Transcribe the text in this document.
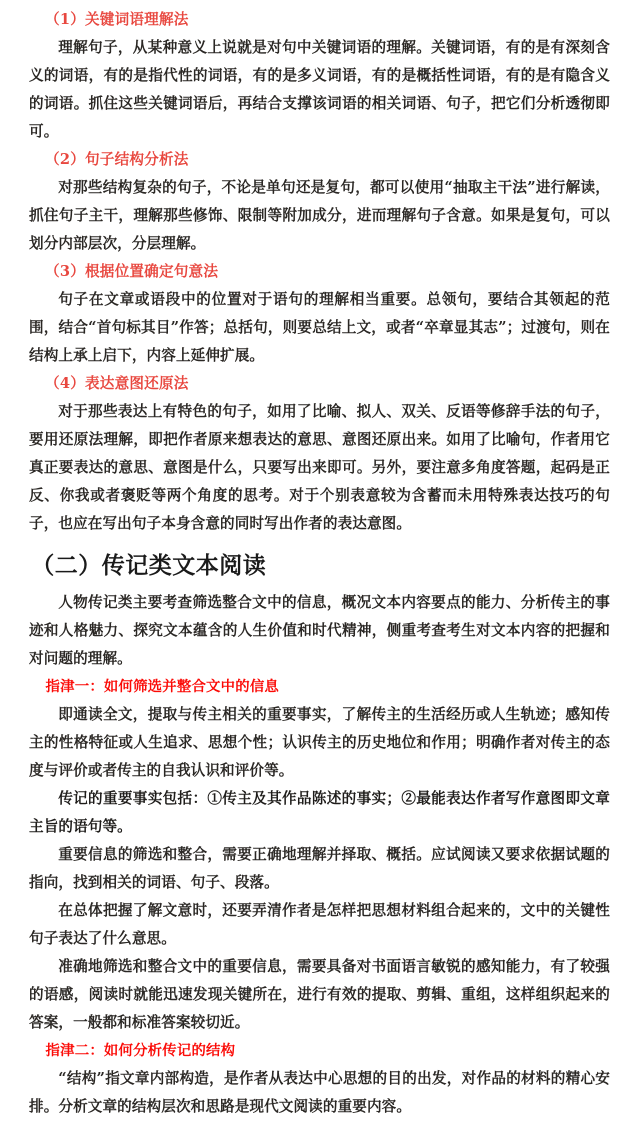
（1）关键词语理解法

理解句子，从某种意义上说就是对句中关键词语的理解。关键词语，有的是有深刻含义的词语，有的是指代性的词语，有的是多义词语，有的是概括性词语，有的是有隐含义的词语。抓住这些关键词语后，再结合支撑该词语的相关词语、句子，把它们分析透彻即可。

（2）句子结构分析法

对那些结构复杂的句子，不论是单句还是复句，都可以使用“抽取主干法”进行解读，抓住句子主干，理解那些修饰、限制等附加成分，进而理解句子含意。如果是复句，可以划分内部层次，分层理解。

（3）根据位置确定句意法

句子在文章或语段中的位置对于语句的理解相当重要。总领句，要结合其领起的范围，结合“首句标其目”作答；总括句，则要总结上文，或者“卒章显其志”；过渡句，则在结构上承上启下，内容上延伸扩展。

（4）表达意图还原法

对于那些表达上有特色的句子，如用了比喻、拟人、双关、反语等修辞手法的句子，要用还原法理解，即把作者原来想表达的意思、意图还原出来。如用了比喻句，作者用它真正要表达的意思、意图是什么，只要写出来即可。另外，要注意多角度答题，起码是正反、你我或者褒贬等两个角度的思考。对于个别表意较为含蓄而未用特殊表达技巧的句子，也应在写出句子本身含意的同时写出作者的表达意图。

（二）传记类文本阅读

人物传记类主要考查筛选整合文中的信息，概况文本内容要点的能力、分析传主的事迹和人格魅力、探究文本蕴含的人生价值和时代精神，侧重考查考生对文本内容的把握和对问题的理解。

指津一：如何筛选并整合文中的信息

即通读全文，提取与传主相关的重要事实，了解传主的生活经历或人生轨迹；感知传主的性格特征或人生追求、思想个性；认识传主的历史地位和作用；明确作者对传主的态度与评价或者传主的自我认识和评价等。

传记的重要事实包括：①传主及其作品陈述的事实；②最能表达作者写作意图即文章主旨的语句等。

重要信息的筛选和整合，需要正确地理解并择取、概括。应试阅读又要求依据试题的指向，找到相关的词语、句子、段落。

在总体把握了解文意时，还要弄清作者是怎样把思想材料组合起来的，文中的关键性句子表达了什么意思。

准确地筛选和整合文中的重要信息，需要具备对书面语言敏锐的感知能力，有了较强的语感，阅读时就能迅速发现关键所在，进行有效的提取、剪辑、重组，这样组织起来的答案，一般都和标准答案较切近。

指津二：如何分析传记的结构

“结构”指文章内部构造，是作者从表达中心思想的目的出发，对作品的材料的精心安排。分析文章的结构层次和思路是现代文阅读的重要内容。
